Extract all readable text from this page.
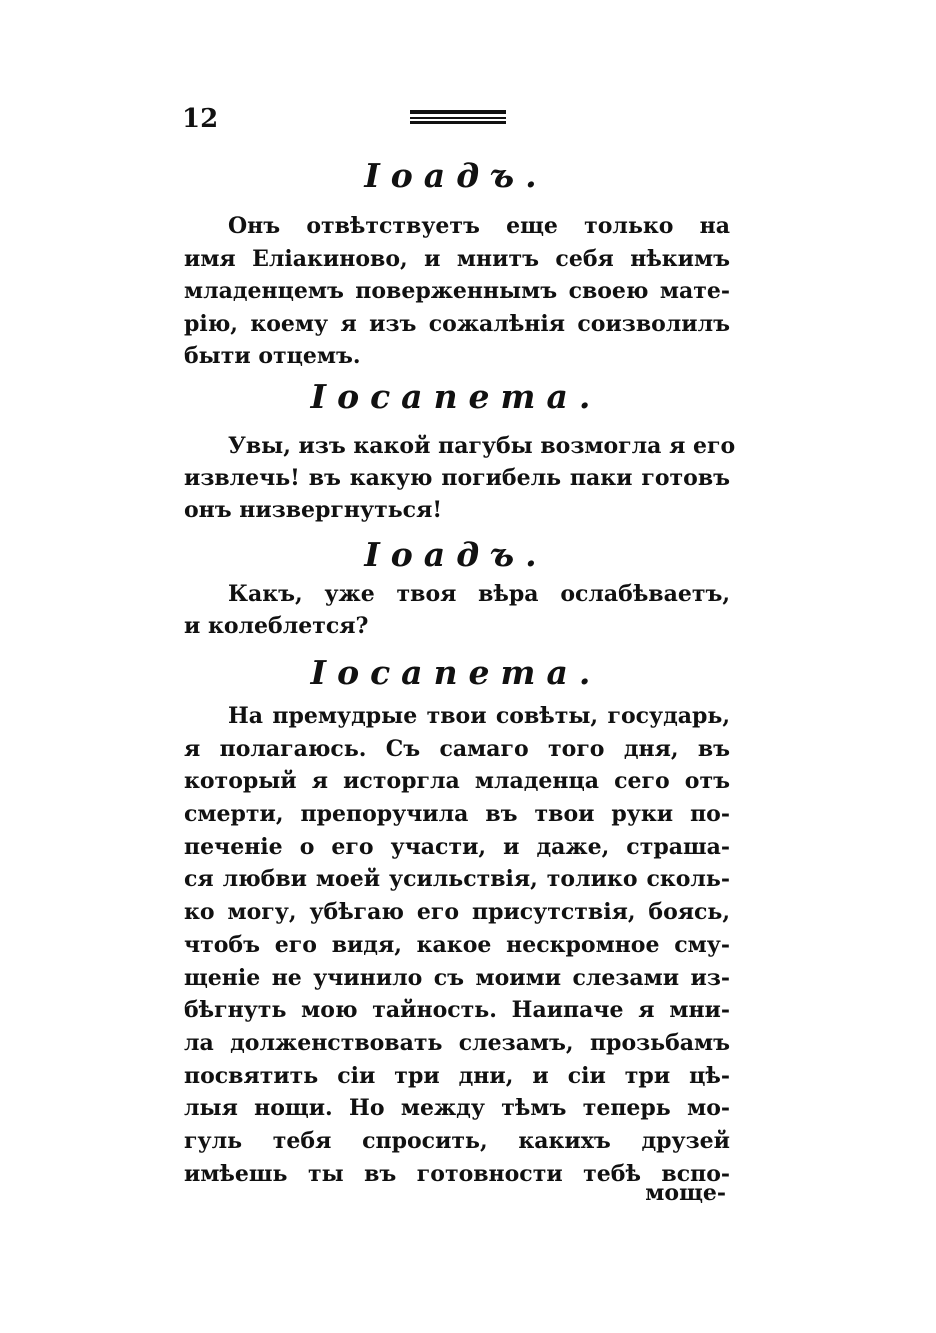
12
Іоадъ.
Онъ отвѣтствуетъ еще только на
имя Еліакиново, и мнитъ себя нѣкимъ
младенцемъ поверженнымъ своею мате-
рію, коему я изъ сожалѣнія соизволилъ
быти отцемъ.
Іосапета.
Увы, изъ какой пагубы возмогла я его
извлечь! въ какую погибель паки готовъ
онъ низвергнуться!
Іоадъ.
Какъ, уже твоя вѣра ослабѣваетъ,
и колеблется?
Іосапета.
На премудрые твои совѣты, государь,
я полагаюсь. Съ самаго того дня, въ
который я исторгла младенца сего отъ
смерти, препоручила въ твои руки по-
печеніе о его участи, и даже, страша-
ся любви моей усильствія, толико сколь-
ко могу, убѣгаю его присутствія, боясь,
чтобъ его видя, какое нескромное сму-
щеніе не учинило съ моими слезами из-
бѣгнуть мою тайность. Наипаче я мни-
ла долженствовать слезамъ, прозьбамъ
посвятить сіи три дни, и сіи три цѣ-
лыя нощи. Но между тѣмъ теперь мо-
гуль тебя спросить, какихъ друзей
имѣешь ты въ готовности тебѣ вспо-
моще-
